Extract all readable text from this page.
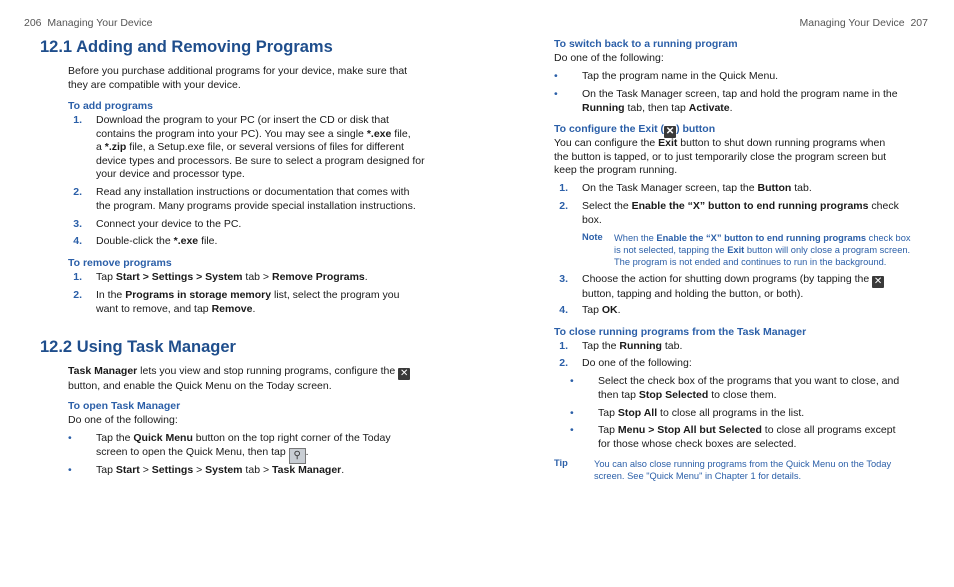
206 Managing Your Device	Managing Your Device 207
12.1 Adding and Removing Programs
Before you purchase additional programs for your device, make sure that
they are compatible with your device.
To add programs
1. Download the program to your PC (or insert the CD or disk that
contains the program into your PC). You may see a single *.exe file,
a *.zip file, a Setup.exe file, or several versions of files for different
device types and processors. Be sure to select a program designed for
your device and processor type.
2. Read any installation instructions or documentation that comes with
the program. Many programs provide special installation instructions.
3. Connect your device to the PC.
4. Double-click the *.exe file.
To remove programs
1. Tap Start > Settings > System tab > Remove Programs.
2. In the Programs in storage memory list, select the program you
want to remove, and tap Remove.
12.2 Using Task Manager
Task Manager lets you view and stop running programs, configure the ✕
button, and enable the Quick Menu on the Today screen.
To open Task Manager
Do one of the following:
•	Tap the Quick Menu button on the top right corner of the Today
screen to open the Quick Menu, then tap ⚲ .
•	Tap Start > Settings > System tab > Task Manager.
To switch back to a running program
Do one of the following:
•	Tap the program name in the Quick Menu.
•	On the Task Manager screen, tap and hold the program name in the
Running tab, then tap Activate.
To configure the Exit ( ✕ ) button
You can configure the Exit button to shut down running programs when
the button is tapped, or to just temporarily close the program screen but
keep the program running.
1. On the Task Manager screen, tap the Button tab.
2. Select the Enable the “X” button to end running programs check
box.
Note When the Enable the “X” button to end running programs check box
is not selected, tapping the Exit button will only close a program screen.
The program is not ended and continues to run in the background.
3. Choose the action for shutting down programs (by tapping the ✕
button, tapping and holding the button, or both).
4. Tap OK.
To close running programs from the Task Manager
1. Tap the Running tab.
2. Do one of the following:
•	Select the check box of the programs that you want to close, and
then tap Stop Selected to close them.
•	Tap Stop All to close all programs in the list.
•	Tap Menu > Stop All but Selected to close all programs except
for those whose check boxes are selected.
Tip	You can also close running programs from the Quick Menu on the Today
screen. See "Quick Menu" in Chapter 1 for details.
